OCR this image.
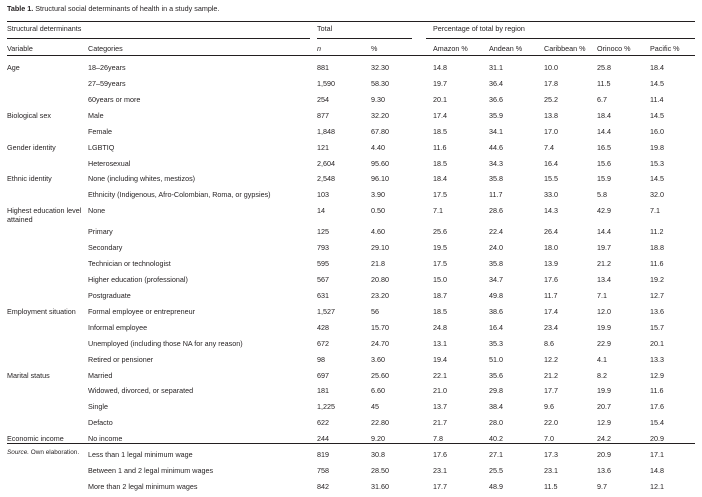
Table 1. Structural social determinants of health in a study sample.
Structural determinants		Total		Percentage of total by region				
Variable	Categories	n	%	Amazon %	Andean %	Caribbean %	Orinoco %	Pacific %
Age	18–26years	881	32.30	14.8	31.1	10.0	25.8	18.4
	27–59years	1,590	58.30	19.7	36.4	17.8	11.5	14.5
	60years or more	254	9.30	20.1	36.6	25.2	6.7	11.4
Biological sex	Male	877	32.20	17.4	35.9	13.8	18.4	14.5
	Female	1,848	67.80	18.5	34.1	17.0	14.4	16.0
Gender identity	LGBTIQ	121	4.40	11.6	44.6	7.4	16.5	19.8
	Heterosexual	2,604	95.60	18.5	34.3	16.4	15.6	15.3
Ethnic identity	None (including whites, mestizos)	2,548	96.10	18.4	35.8	15.5	15.9	14.5
	Ethnicity (Indigenous, Afro-Colombian, Roma, or gypsies)	103	3.90	17.5	11.7	33.0	5.8	32.0
Highest education level attained	None	14	0.50	7.1	28.6	14.3	42.9	7.1
	Primary	125	4.60	25.6	22.4	26.4	14.4	11.2
	Secondary	793	29.10	19.5	24.0	18.0	19.7	18.8
	Technician or technologist	595	21.8	17.5	35.8	13.9	21.2	11.6
	Higher education (professional)	567	20.80	15.0	34.7	17.6	13.4	19.2
	Postgraduate	631	23.20	18.7	49.8	11.7	7.1	12.7
Employment situation	Formal employee or entrepreneur	1,527	56	18.5	38.6	17.4	12.0	13.6
	Informal employee	428	15.70	24.8	16.4	23.4	19.9	15.7
	Unemployed (including those NA for any reason)	672	24.70	13.1	35.3	8.6	22.9	20.1
	Retired or pensioner	98	3.60	19.4	51.0	12.2	4.1	13.3
Marital status	Married	697	25.60	22.1	35.6	21.2	8.2	12.9
	Widowed, divorced, or separated	181	6.60	21.0	29.8	17.7	19.9	11.6
	Single	1,225	45	13.7	38.4	9.6	20.7	17.6
	Defacto	622	22.80	21.7	28.0	22.0	12.9	15.4
Economic income	No income	244	9.20	7.8	40.2	7.0	24.2	20.9
	Less than 1 legal minimum wage	819	30.8	17.6	27.1	17.3	20.9	17.1
	Between 1 and 2 legal minimum wages	758	28.50	23.1	25.5	23.1	13.6	14.8
	More than 2 legal minimum wages	842	31.60	17.7	48.9	11.5	9.7	12.1
Source. Own elaboration.
